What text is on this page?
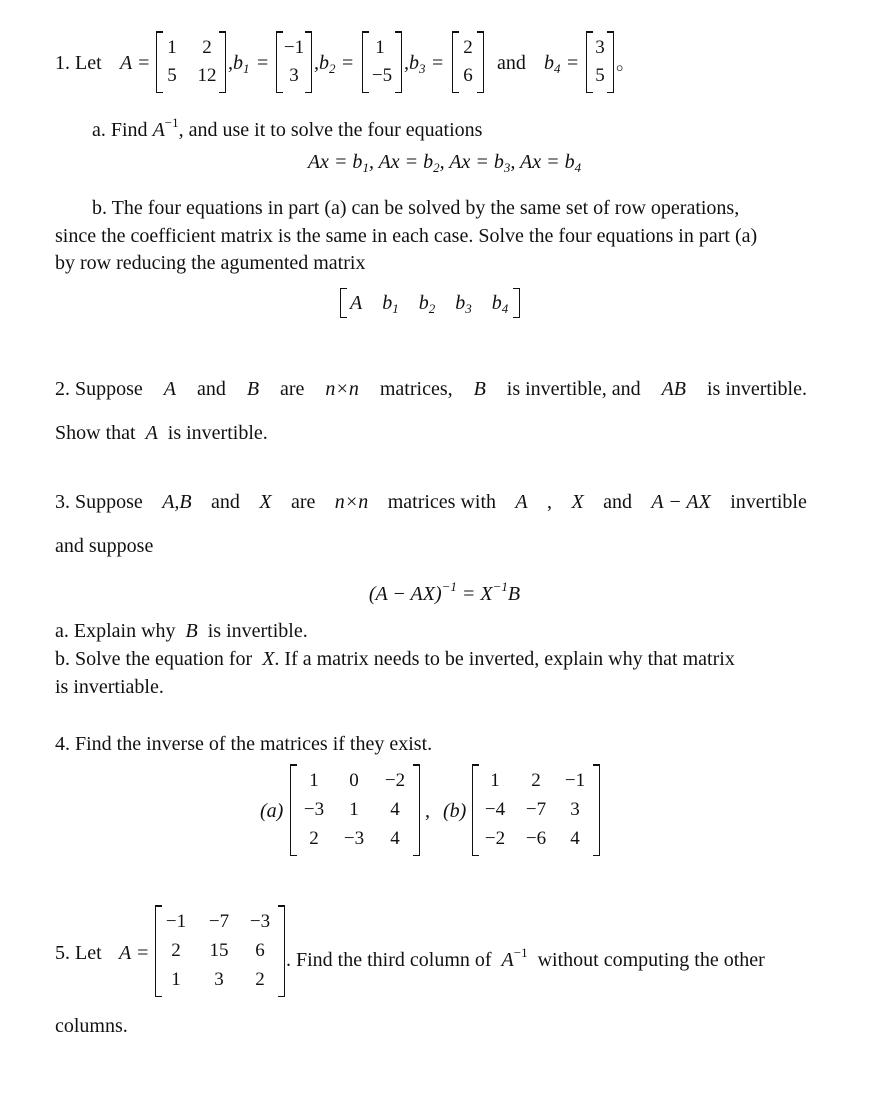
1. Let A =
1	2
5	12
$,b_1$ =
−1
3
$,b_2$ =
1
−5
$,b_3$ =
2
6
and $b_4$ =
3
5
。
a. Find $A^{-1}$, and use it to solve the four equations
$Ax = b_1$, $Ax = b_2$, $Ax = b_3$, $Ax = b_4$
b. The four equations in part (a) can be solved by the same set of row operations,
since the coefficient matrix is the same in each case. Solve the four equations in part (a)
by row reducing the agumented matrix
A $b_1$ $b_2$ $b_3$ $b_4$
2. Suppose A and B are n×n matrices, B is invertible, and AB is invertible.
Show that A is invertible.
3. Suppose A,B and X are n×n matrices with A , X and A − AX invertible
and suppose
$(A - AX)^{-1} = X^{-1}B$
a. Explain why B is invertible.
b. Solve the equation for X. If a matrix needs to be inverted, explain why that matrix
is invertiable.
4. Find the inverse of the matrices if they exist.
(a)
1	0	−2
−3	1	4
2	−3	4
, (b)
1	2	−1
−4	−7	3
−2	−6	4
5. Let A =
−1	−7	−3
2	15	6
1	3	2
. Find the third column of $A^{-1}$ without computing the other
columns.
